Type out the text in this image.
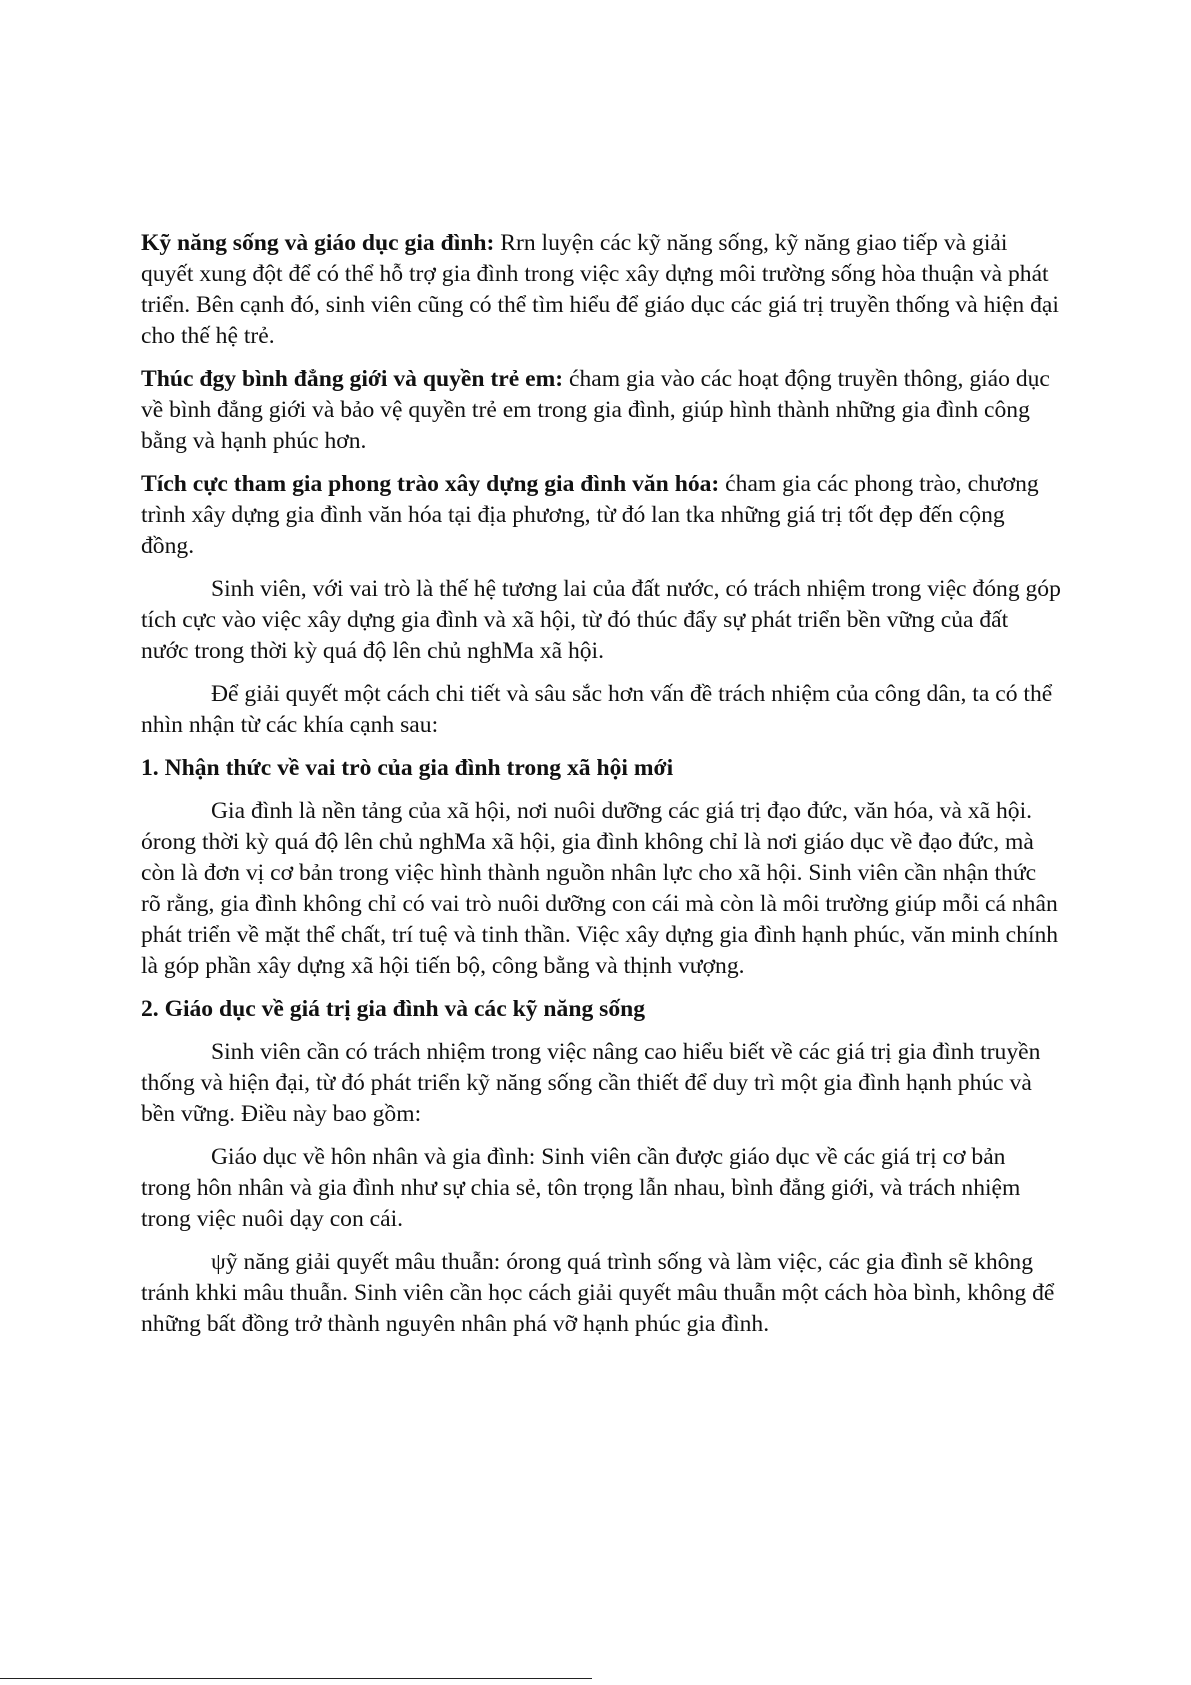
Kỹ năng sống và giáo dục gia đình: Rrn luyện các kỹ năng sống, kỹ năng giao tiếp và giải quyết xung đột để có thể hỗ trợ gia đình trong việc xây dựng môi trường sống hòa thuận và phát triển. Bên cạnh đó, sinh viên cũng có thể tìm hiểu để giáo dục các giá trị truyền thống và hiện đại cho thế hệ trẻ.

Thúc đgy bình đẳng giới và quyền trẻ em: ćham gia vào các hoạt động truyền thông, giáo dục về bình đẳng giới và bảo vệ quyền trẻ em trong gia đình, giúp hình thành những gia đình công bằng và hạnh phúc hơn.

Tích cực tham gia phong trào xây dựng gia đình văn hóa: ćham gia các phong trào, chương trình xây dựng gia đình văn hóa tại địa phương, từ đó lan tka những giá trị tốt đẹp đến cộng đồng.

Sinh viên, với vai trò là thế hệ tương lai của đất nước, có trách nhiệm trong việc đóng góp tích cực vào việc xây dựng gia đình và xã hội, từ đó thúc đẩy sự phát triển bền vững của đất nước trong thời kỳ quá độ lên chủ nghMa xã hội.

Để giải quyết một cách chi tiết và sâu sắc hơn vấn đề trách nhiệm của công dân, ta có thể nhìn nhận từ các khía cạnh sau:

1. Nhận thức về vai trò của gia đình trong xã hội mới

Gia đình là nền tảng của xã hội, nơi nuôi dưỡng các giá trị đạo đức, văn hóa, và xã hội. órong thời kỳ quá độ lên chủ nghMa xã hội, gia đình không chỉ là nơi giáo dục về đạo đức, mà còn là đơn vị cơ bản trong việc hình thành nguồn nhân lực cho xã hội. Sinh viên cần nhận thức rõ rằng, gia đình không chỉ có vai trò nuôi dưỡng con cái mà còn là môi trường giúp mỗi cá nhân phát triển về mặt thể chất, trí tuệ và tinh thần. Việc xây dựng gia đình hạnh phúc, văn minh chính là góp phần xây dựng xã hội tiến bộ, công bằng và thịnh vượng.

2. Giáo dục về giá trị gia đình và các kỹ năng sống

Sinh viên cần có trách nhiệm trong việc nâng cao hiểu biết về các giá trị gia đình truyền thống và hiện đại, từ đó phát triển kỹ năng sống cần thiết để duy trì một gia đình hạnh phúc và bền vững. Điều này bao gồm:

Giáo dục về hôn nhân và gia đình: Sinh viên cần được giáo dục về các giá trị cơ bản trong hôn nhân và gia đình như sự chia sẻ, tôn trọng lẫn nhau, bình đẳng giới, và trách nhiệm trong việc nuôi dạy con cái.

ψỹ năng giải quyết mâu thuẫn: órong quá trình sống và làm việc, các gia đình sẽ không tránh khki mâu thuẫn. Sinh viên cần học cách giải quyết mâu thuẫn một cách hòa bình, không để những bất đồng trở thành nguyên nhân phá vỡ hạnh phúc gia đình.
